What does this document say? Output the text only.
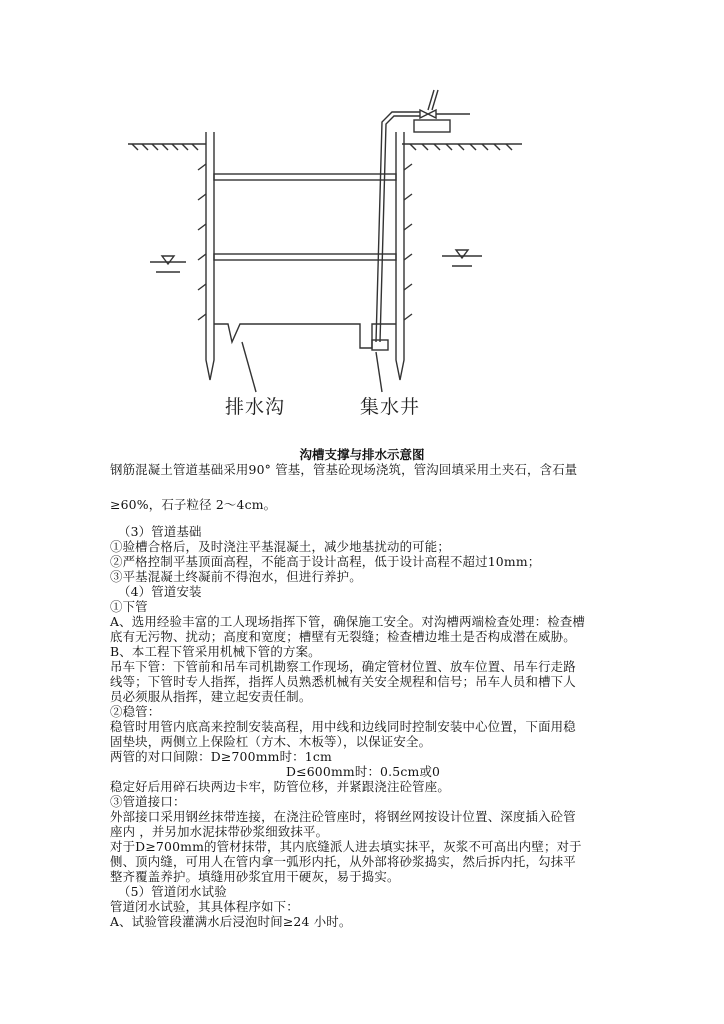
排水沟	集水井
沟槽支撑与排水示意图
钢筋混凝土管道基础采用90° 管基，管基砼现场浇筑，管沟回填采用土夹石，含石量
≥60%，石子粒径 2～4cm。
（3）管道基础
①验槽合格后，及时浇注平基混凝土，减少地基扰动的可能；
②严格控制平基顶面高程，不能高于设计高程，低于设计高程不超过10mm；
③平基混凝土终凝前不得泡水，但进行养护。
（4）管道安装
①下管
A、选用经验丰富的工人现场指挥下管，确保施工安全。对沟槽两端检查处理：检查槽
底有无污物、扰动；高度和宽度；槽壁有无裂缝；检查槽边堆土是否构成潜在威胁。
B、本工程下管采用机械下管的方案。
吊车下管：下管前和吊车司机勘察工作现场，确定管材位置、放车位置、吊车行走路
线等；下管时专人指挥，指挥人员熟悉机械有关安全规程和信号；吊车人员和槽下人
员必须服从指挥，建立起安责任制。
②稳管：
稳管时用管内底高来控制安装高程，用中线和边线同时控制安装中心位置，下面用稳
固垫块，两侧立上保险杠（方木、木板等），以保证安全。
两管的对口间隙：D≥700mm时：1cm
D≤600mm时：0.5cm或0
稳定好后用碎石块两边卡牢，防管位移，并紧跟浇注砼管座。
③管道接口：
外部接口采用钢丝抹带连接，在浇注砼管座时，将钢丝网按设计位置、深度插入砼管
座内 ，并另加水泥抹带砂浆细致抹平。
对于D≥700mm的管材抹带，其内底缝派人进去填实抹平，灰浆不可高出内壁；对于
侧、顶内缝，可用人在管内拿一弧形内托，从外部将砂浆捣实，然后拆内托，勾抹平
整齐覆盖养护。填缝用砂浆宜用干硬灰，易于捣实。
（5）管道闭水试验
管道闭水试验，其具体程序如下：
A、试验管段灌满水后浸泡时间≥24 小时。
